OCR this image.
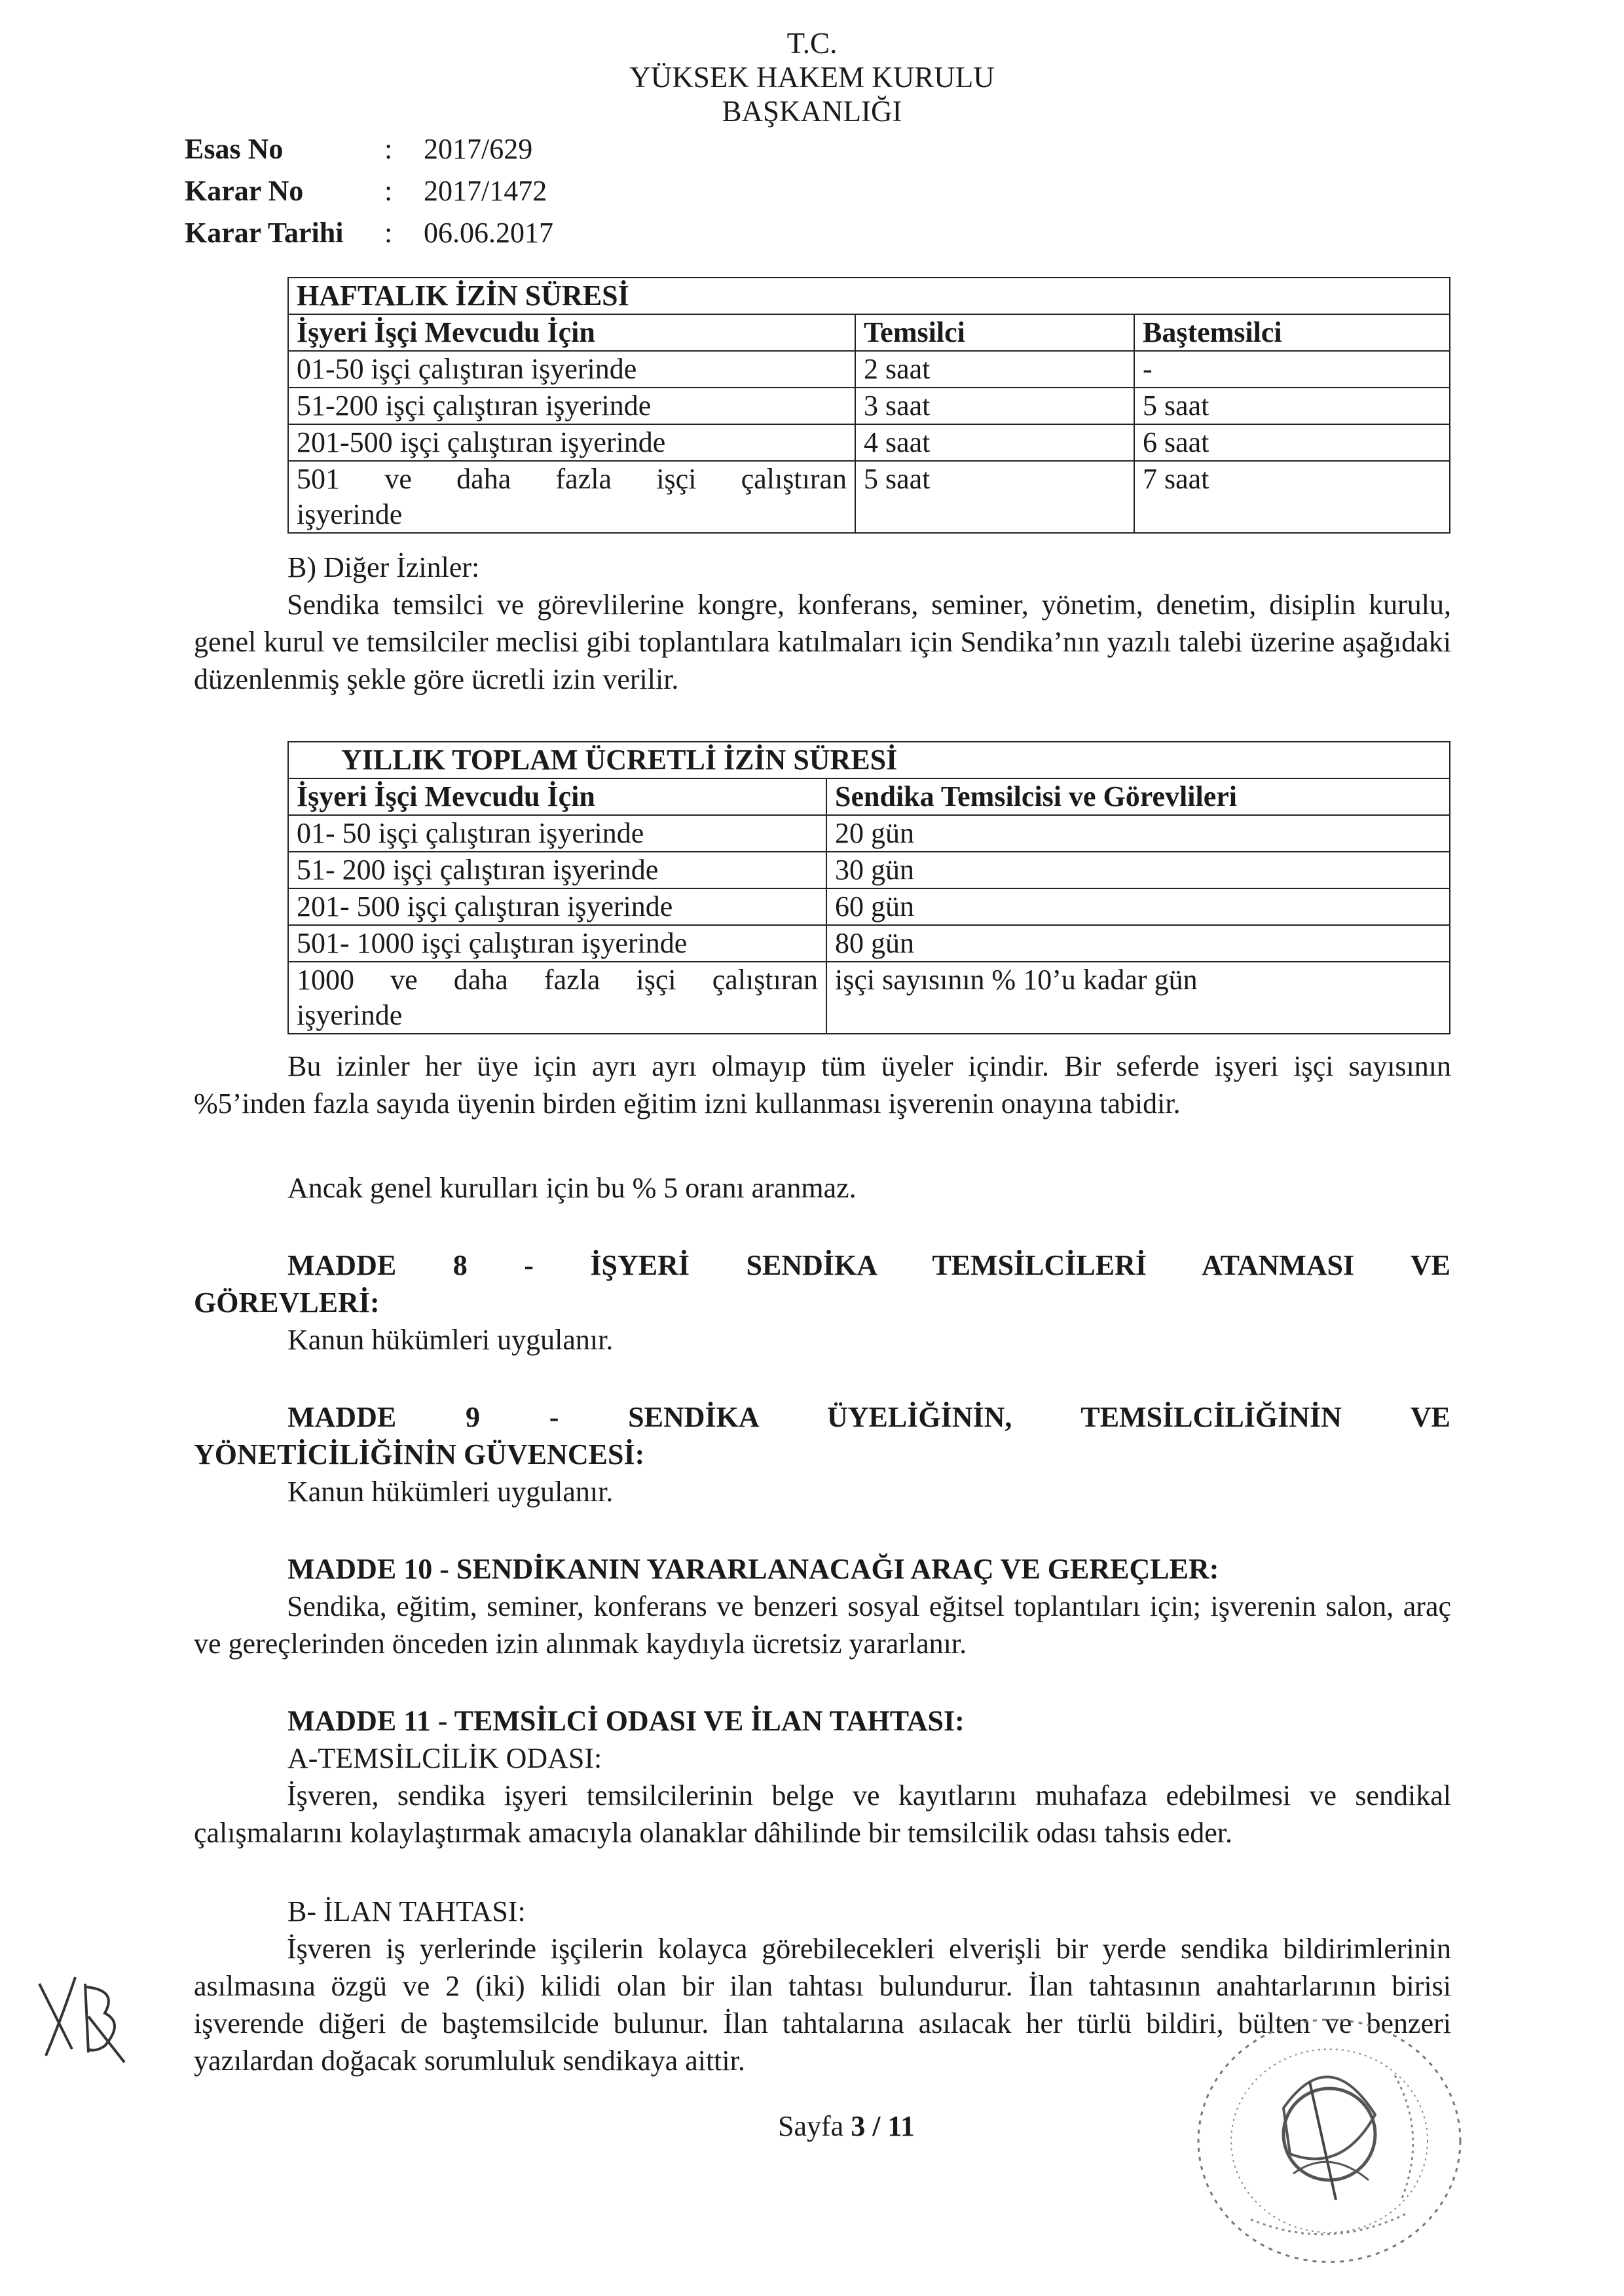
T.C.
YÜKSEK HAKEM KURULU
BAŞKANLIĞI
Esas No	: 2017/629
Karar No	: 2017/1472
Karar Tarihi : 06.06.2017
HAFTALIK İZİN SÜRESİ		
İşyeri İşçi Mevcudu İçin	Temsilci	Baştemsilci
01-50 işçi çalıştıran işyerinde	2 saat	-
51-200 işçi çalıştıran işyerinde	3 saat	5 saat
201-500 işçi çalıştıran işyerinde	4 saat	6 saat

501 ve daha fazla işçi çalıştıran
işyerinde	5 saat	7 saat
B) Diğer İzinler:
Sendika temsilci ve görevlilerine kongre, konferans, seminer, yönetim, denetim, disiplin kurulu, genel kurul ve temsilciler meclisi gibi toplantılara katılmaları için Sendika’nın yazılı talebi üzerine aşağıdaki düzenlenmiş şekle göre ücretli izin verilir.
YILLIK TOPLAM ÜCRETLİ İZİN SÜRESİ	
İşyeri İşçi Mevcudu İçin	Sendika Temsilcisi ve Görevlileri
01- 50 işçi çalıştıran işyerinde	20 gün
51- 200 işçi çalıştıran işyerinde	30 gün
201- 500 işçi çalıştıran işyerinde	60 gün
501- 1000 işçi çalıştıran işyerinde	80 gün

1000 ve daha fazla işçi çalıştıran
işyerinde	işçi sayısının % 10’u kadar gün
Bu izinler her üye için ayrı ayrı olmayıp tüm üyeler içindir. Bir seferde işyeri işçi sayısının %5’inden fazla sayıda üyenin birden eğitim izni kullanması işverenin onayına tabidir.
Ancak genel kurulları için bu % 5 oranı aranmaz.
MADDE 8 - İŞYERİ SENDİKA TEMSİLCİLERİ ATANMASI VE
GÖREVLERİ:
Kanun hükümleri uygulanır.
MADDE 9 - SENDİKA ÜYELİĞİNİN, TEMSİLCİLİĞİNİN VE
YÖNETİCİLİĞİNİN GÜVENCESİ:
Kanun hükümleri uygulanır.
MADDE 10 - SENDİKANIN YARARLANACAĞI ARAÇ VE GEREÇLER:
Sendika, eğitim, seminer, konferans ve benzeri sosyal eğitsel toplantıları için; işverenin salon, araç ve gereçlerinden önceden izin alınmak kaydıyla ücretsiz yararlanır.
MADDE 11 - TEMSİLCİ ODASI VE İLAN TAHTASI:
A-TEMSİLCİLİK ODASI:
İşveren, sendika işyeri temsilcilerinin belge ve kayıtlarını muhafaza edebilmesi ve sendikal çalışmalarını kolaylaştırmak amacıyla olanaklar dâhilinde bir temsilcilik odası tahsis eder.
B- İLAN TAHTASI:
İşveren iş yerlerinde işçilerin kolayca görebilecekleri elverişli bir yerde sendika bildirimlerinin asılmasına özgü ve 2 (iki) kilidi olan bir ilan tahtası bulundurur. İlan tahtasının anahtarlarının birisi işverende diğeri de baştemsilcide bulunur. İlan tahtalarına asılacak her türlü bildiri, bülten ve benzeri yazılardan doğacak sorumluluk sendikaya aittir.
Sayfa 3 / 11
